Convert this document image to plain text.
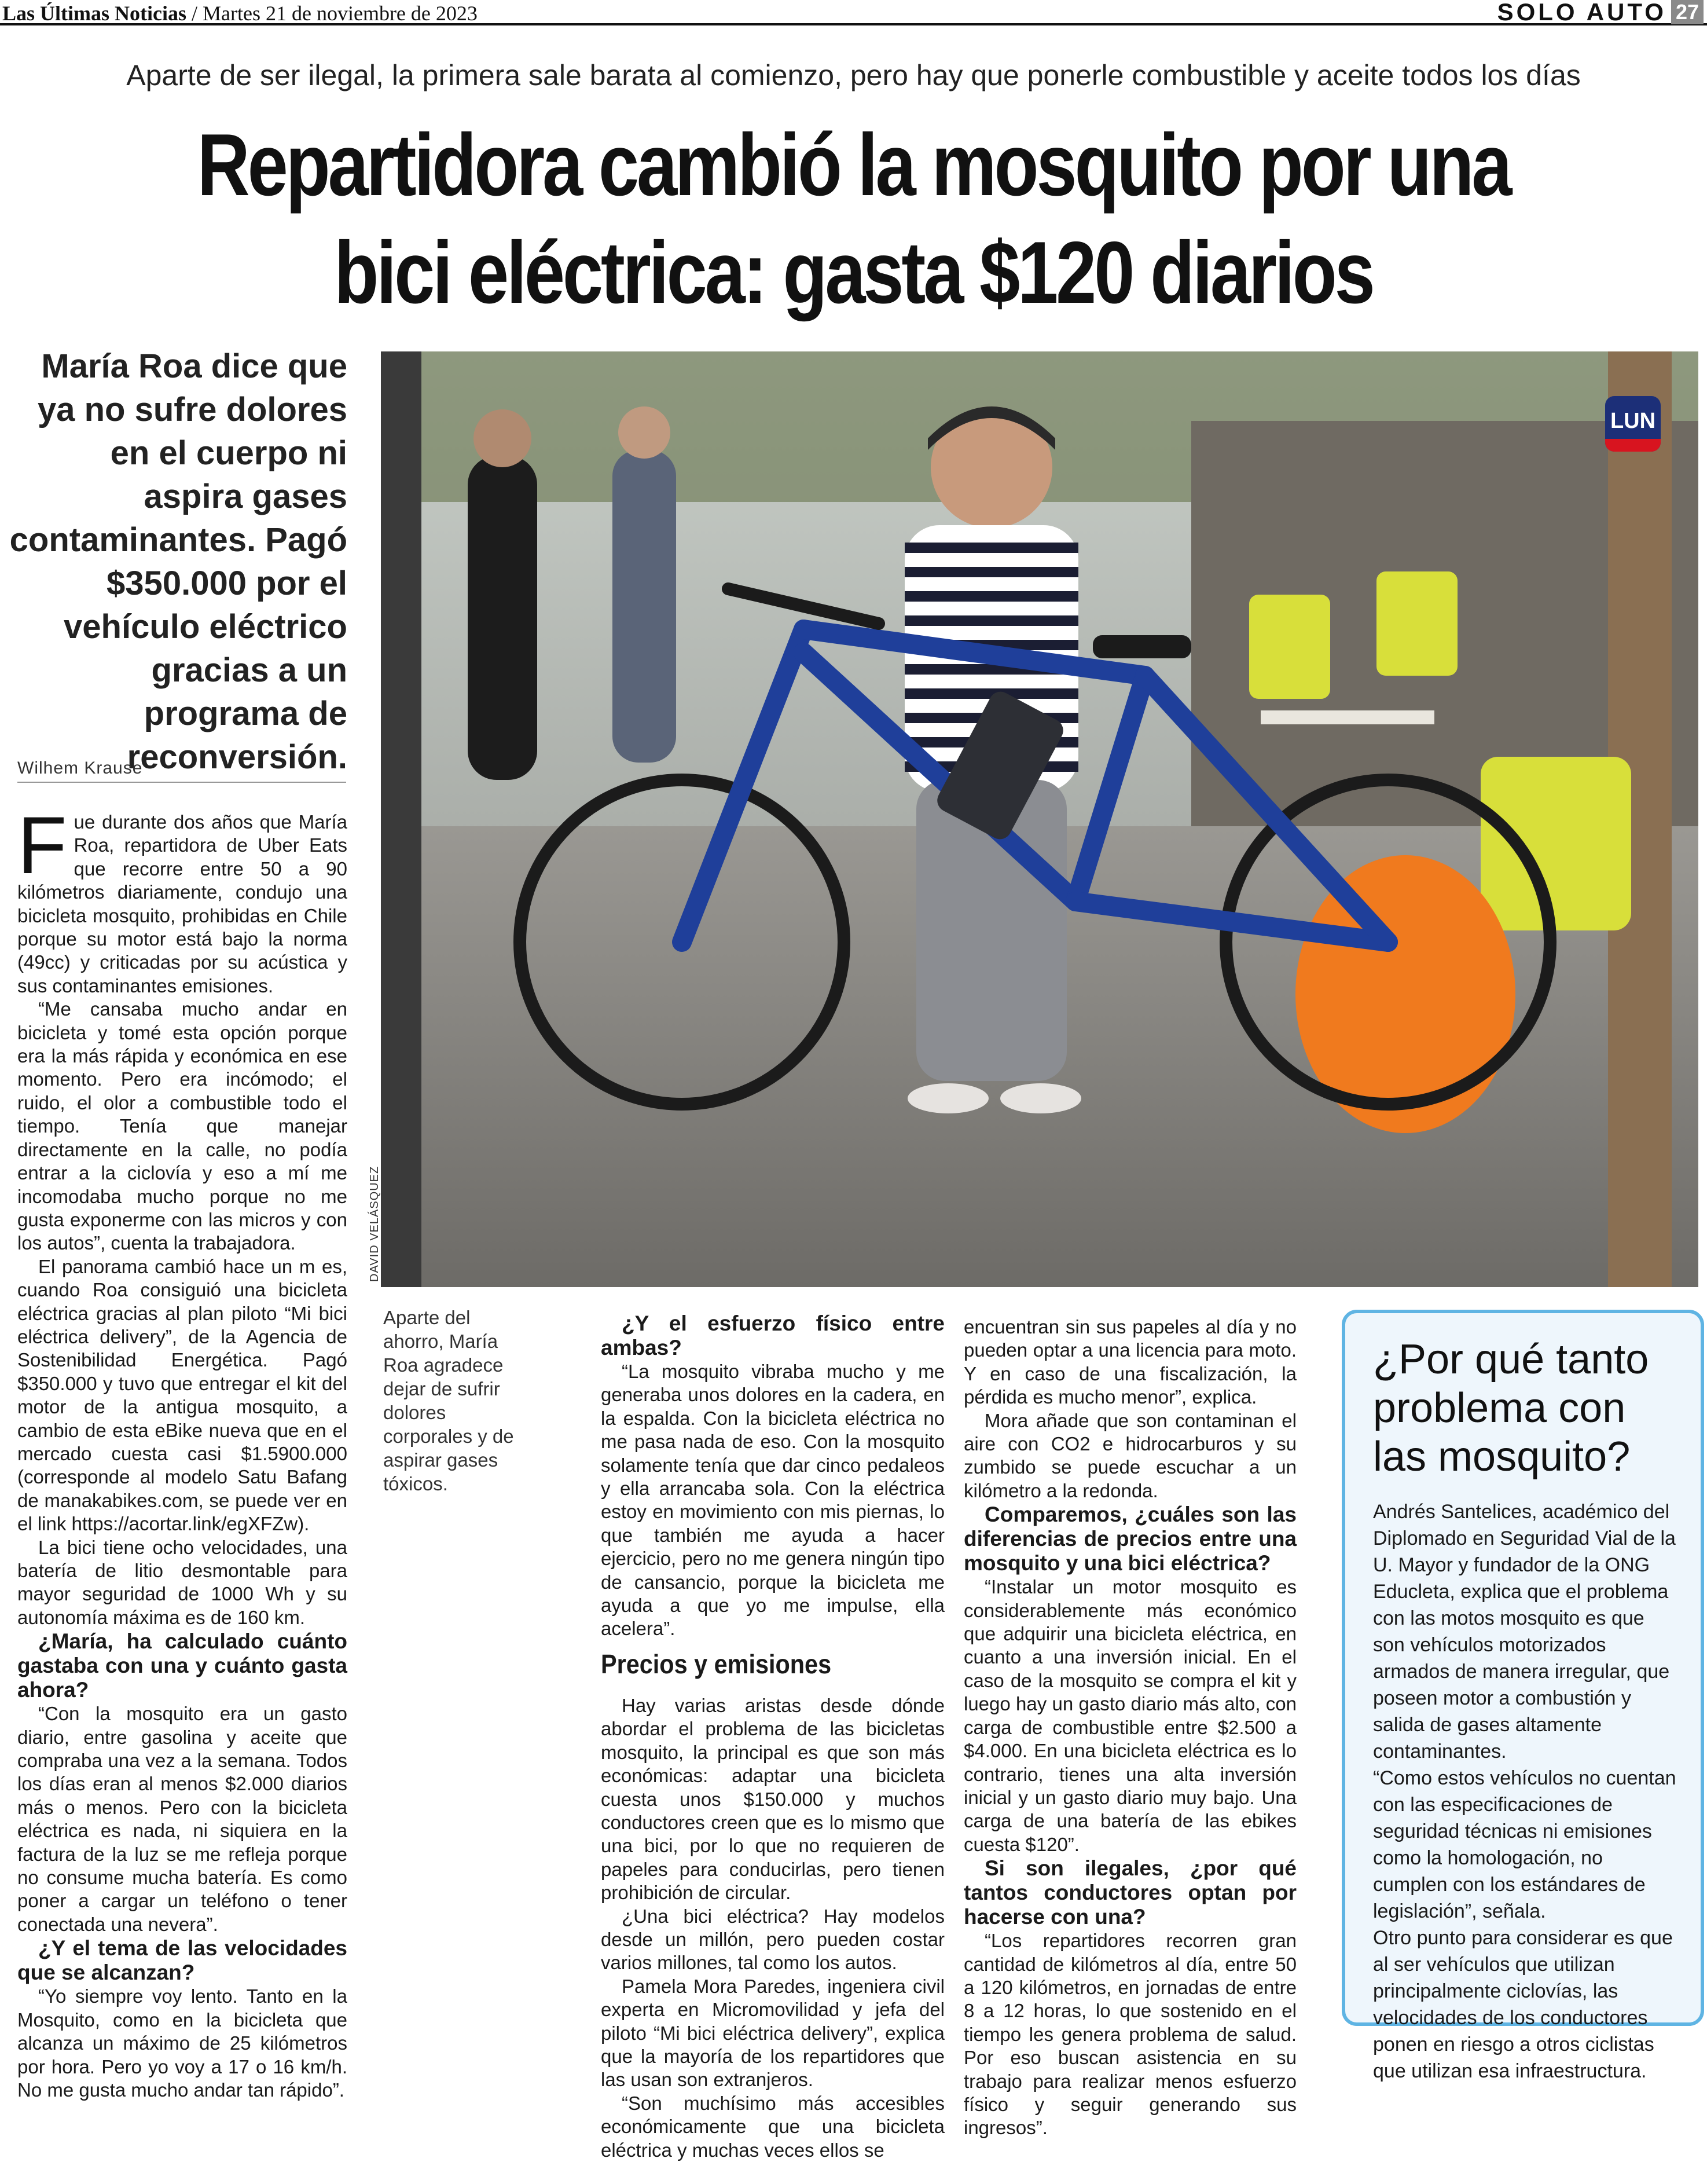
Las Últimas Noticias / Martes 21 de noviembre de 2023	SOLO AUTO 27
Aparte de ser ilegal, la primera sale barata al comienzo, pero hay que ponerle combustible y aceite todos los días
Repartidora cambió la mosquito por una bici eléctrica: gasta $120 diarios
María Roa dice que ya no sufre dolores en el cuerpo ni aspira gases contaminantes. Pagó $350.000 por el vehículo eléctrico gracias a un programa de reconversión.
LUN
DAVID VELÁSQUEZ
Wilhem Krause

Fue durante dos años que María Roa, repartidora de Uber Eats que recorre entre 50 a 90 kilómetros diariamente, condujo una bicicleta mosquito, prohibidas en Chile porque su motor está bajo la norma (49cc) y criticadas por su acústica y sus contaminantes emisiones.

“Me cansaba mucho andar en bicicleta y tomé esta opción porque era la más rápida y económica en ese momento. Pero era incómodo; el ruido, el olor a combustible todo el tiempo. Tenía que manejar directamente en la calle, no podía entrar a la ciclovía y eso a mí me incomodaba mucho porque no me gusta exponerme con las micros y con los autos”, cuenta la trabajadora.

El panorama cambió hace un m es, cuando Roa consiguió una bicicleta eléctrica gracias al plan piloto “Mi bici eléctrica delivery”, de la Agencia de Sostenibilidad Energética. Pagó $350.000 y tuvo que entregar el kit del motor de la antigua mosquito, a cambio de esta eBike nueva que en el mercado cuesta casi $1.5900.000 (corresponde al modelo Satu Bafang de manakabikes.com, se puede ver en el link https://acortar.link/egXFZw).

La bici tiene ocho velocidades, una batería de litio desmontable para mayor seguridad de 1000 Wh y su autonomía máxima es de 160 km.

¿María, ha calculado cuánto gastaba con una y cuánto gasta ahora?

“Con la mosquito era un gasto diario, entre gasolina y aceite que compraba una vez a la semana. Todos los días eran al menos $2.000 diarios más o menos. Pero con la bicicleta eléctrica es nada, ni siquiera en la factura de la luz se me refleja porque no consume mucha batería. Es como poner a cargar un teléfono o tener conectada una nevera”.

¿Y el tema de las velocidades que se alcanzan?

“Yo siempre voy lento. Tanto en la Mosquito, como en la bicicleta que alcanza un máximo de 25 kilómetros por hora. Pero yo voy a 17 o 16 km/h. No me gusta mucho andar tan rápido”.

Aparte del ahorro, María Roa agradece dejar de sufrir dolores corporales y de aspirar gases tóxicos.

¿Y el esfuerzo físico entre ambas?

“La mosquito vibraba mucho y me generaba unos dolores en la cadera, en la espalda. Con la bicicleta eléctrica no me pasa nada de eso. Con la mosquito solamente tenía que dar cinco pedaleos y ella arrancaba sola. Con la eléctrica estoy en movimiento con mis piernas, lo que también me ayuda a hacer ejercicio, pero no me genera ningún tipo de cansancio, porque la bicicleta me ayuda a que yo me impulse, ella acelera”.

Precios y emisiones

Hay varias aristas desde dónde abordar el problema de las bicicletas mosquito, la principal es que son más económicas: adaptar una bicicleta cuesta unos $150.000 y muchos conductores creen que es lo mismo que una bici, por lo que no requieren de papeles para conducirlas, pero tienen prohibición de circular.

¿Una bici eléctrica? Hay modelos desde un millón, pero pueden costar varios millones, tal como los autos.

Pamela Mora Paredes, ingeniera civil experta en Micromovilidad y jefa del piloto “Mi bici eléctrica delivery”, explica que la mayoría de los repartidores que las usan son extranjeros.

“Son muchísimo más accesibles económicamente que una bicicleta eléctrica y muchas veces ellos se

encuentran sin sus papeles al día y no pueden optar a una licencia para moto. Y en caso de una fiscalización, la pérdida es mucho menor”, explica.

Mora añade que son contaminan el aire con CO2 e hidrocarburos y su zumbido se puede escuchar a un kilómetro a la redonda.

Comparemos, ¿cuáles son las diferencias de precios entre una mosquito y una bici eléctrica?

“Instalar un motor mosquito es considerablemente más económico que adquirir una bicicleta eléctrica, en cuanto a una inversión inicial. En el caso de la mosquito se compra el kit y luego hay un gasto diario más alto, con carga de combustible entre $2.500 a $4.000. En una bicicleta eléctrica es lo contrario, tienes una alta inversión inicial y un gasto diario muy bajo. Una carga de una batería de las ebikes cuesta $120”.

Si son ilegales, ¿por qué tantos conductores optan por hacerse con una?

“Los repartidores recorren gran cantidad de kilómetros al día, entre 50 a 120 kilómetros, en jornadas de entre 8 a 12 horas, lo que sostenido en el tiempo les genera problema de salud. Por eso buscan asistencia en su trabajo para realizar menos esfuerzo físico y seguir generando sus ingresos”.

¿Por qué tanto problema con las mosquito?

Andrés Santelices, académico del Diplomado en Seguridad Vial de la U. Mayor y fundador de la ONG Educleta, explica que el problema con las motos mosquito es que son vehículos motorizados armados de manera irregular, que poseen motor a combustión y salida de gases altamente contaminantes.

“Como estos vehículos no cuentan con las especificaciones de seguridad técnicas ni emisiones como la homologación, no cumplen con los estándares de legislación”, señala.

Otro punto para considerar es que al ser vehículos que utilizan principalmente ciclovías, las velocidades de los conductores ponen en riesgo a otros ciclistas que utilizan esa infraestructura.
